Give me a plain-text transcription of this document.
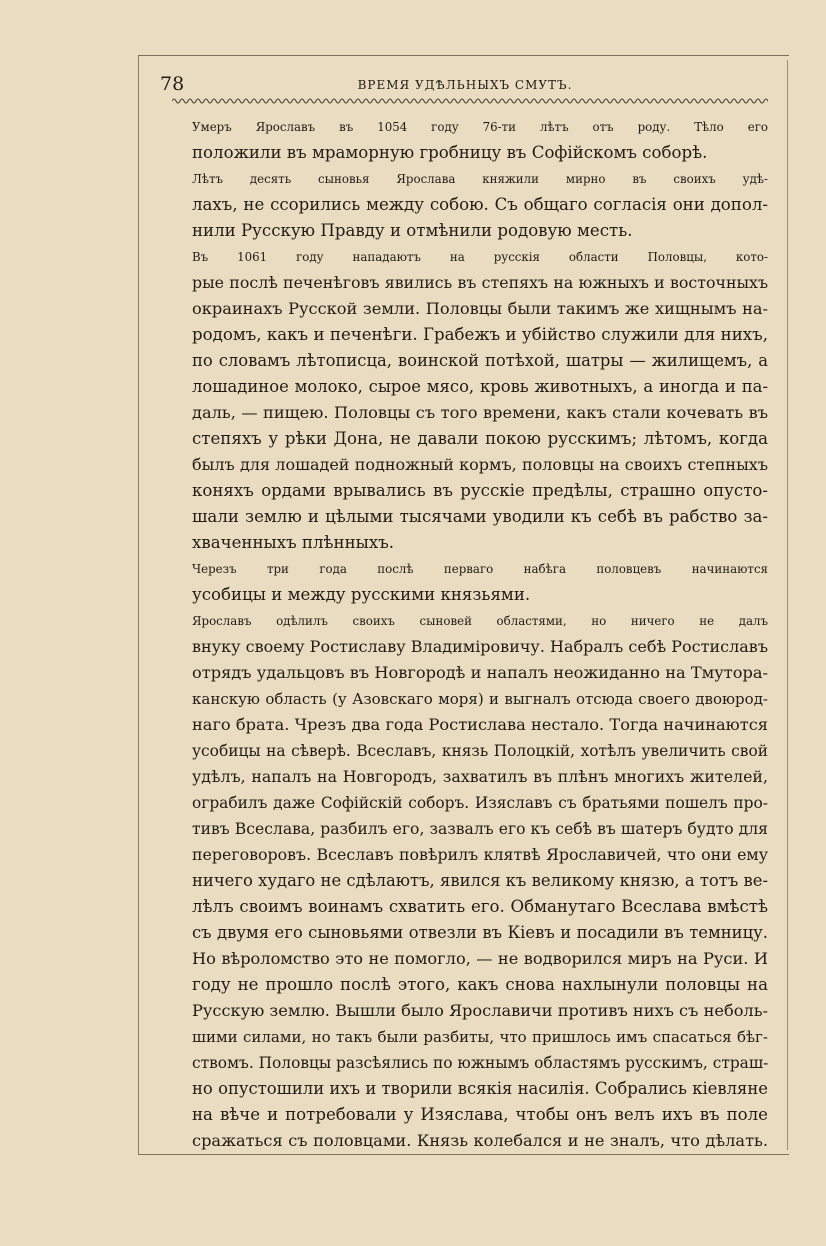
78	ВРЕМЯ УДѢЛЬНЫХЪ СМУТЪ.

Умеръ Ярославъ въ 1054 году 76-ти лѣтъ отъ роду. Тѣло его
положили въ мраморную гробницу въ Софійскомъ соборѣ.

Лѣтъ десять сыновья Ярослава княжили мирно въ своихъ удѣ-
лахъ, не ссорились между собою. Съ общаго согласія они допол-
нили Русскую Правду и отмѣнили родовую месть.

Въ 1061 году нападаютъ на русскія области Половцы, кото-
рые послѣ печенѣговъ явились въ степяхъ на южныхъ и восточныхъ
окраинахъ Русской земли. Половцы были такимъ же хищнымъ на-
родомъ, какъ и печенѣги. Грабежъ и убійство служили для нихъ,
по словамъ лѣтописца, воинской потѣхой, шатры — жилищемъ, а
лошадиное молоко, сырое мясо, кровь животныхъ, а иногда и па-
даль, — пищею. Половцы съ того времени, какъ стали кочевать въ
степяхъ у рѣки Дона, не давали покою русскимъ; лѣтомъ, когда
былъ для лошадей подножный кормъ, половцы на своихъ степныхъ
коняхъ ордами врывались въ русскіе предѣлы, страшно опусто-
шали землю и цѣлыми тысячами уводили къ себѣ въ рабство за-
хваченныхъ плѣнныхъ.

Черезъ три года послѣ перваго набѣга половцевъ начинаются
усобицы и между русскими князьями.

Ярославъ одѣлилъ своихъ сыновей областями, но ничего не далъ
внуку своему Ростиславу Владиміровичу. Набралъ себѣ Ростиславъ
отрядъ удальцовъ въ Новгородѣ и напалъ неожиданно на Тмутора-
канскую область (у Азовскаго моря) и выгналъ отсюда своего двоюрод-
наго брата. Чрезъ два года Ростислава нестало. Тогда начинаются
усобицы на сѣверѣ. Всеславъ, князь Полоцкій, хотѣлъ увеличить свой
удѣлъ, напалъ на Новгородъ, захватилъ въ плѣнъ многихъ жителей,
ограбилъ даже Софійскій соборъ. Изяславъ съ братьями пошелъ про-
тивъ Всеслава, разбилъ его, зазвалъ его къ себѣ въ шатеръ будто для
переговоровъ. Всеславъ повѣрилъ клятвѣ Ярославичей, что они ему
ничего худаго не сдѣлаютъ, явился къ великому князю, а тотъ ве-
лѣлъ своимъ воинамъ схватить его. Обманутаго Всеслава вмѣстѣ
съ двумя его сыновьями отвезли въ Кіевъ и посадили въ темницу.
Но вѣроломство это не помогло, — не водворился миръ на Руси. И
году не прошло послѣ этого, какъ снова нахлынули половцы на
Русскую землю. Вышли было Ярославичи противъ нихъ съ неболь-
шими силами, но такъ были разбиты, что пришлось имъ спасаться бѣг-
ствомъ. Половцы разсѣялись по южнымъ областямъ русскимъ, страш-
но опустошили ихъ и творили всякія насилія. Собрались кіевляне
на вѣче и потребовали у Изяслава, чтобы онъ велъ ихъ въ поле
сражаться съ половцами. Князь колебался и не зналъ, что дѣлать.
